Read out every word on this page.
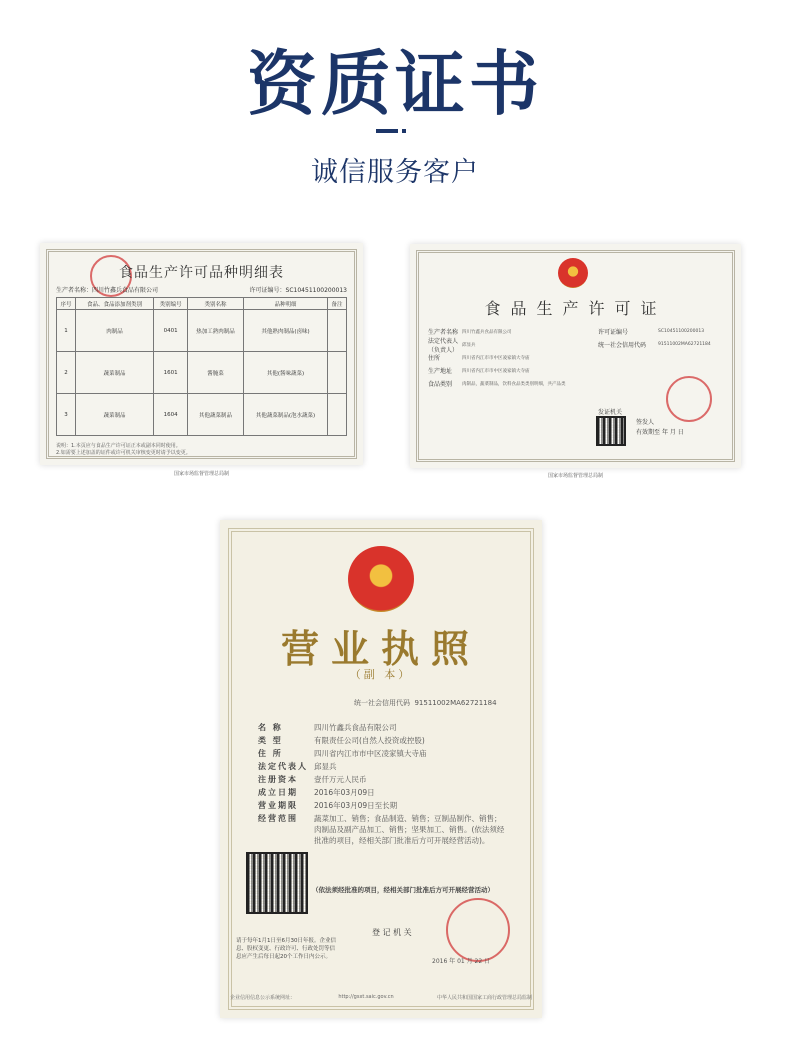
资质证书
诚信服务客户
食品生产许可品种明细表
生产者名称：四川竹鑫兵食品有限公司	许可证编号：SC10451100200013
序号	食品、食品添加剂类别	类别编号	类别名称	品种明细	备注
1	肉制品	0401	热加工熟肉制品	其他熟肉制品(卤味)	
2	蔬菜制品	1601	酱腌菜	其他(酱味蔬菜)	
3	蔬菜制品	1604	其他蔬菜制品	其他蔬菜制品(泡水蔬菜)	
说明：1.本页应与食品生产许可证正本或副本同时使用。
2.如需要上述加盖的证件或许可机关审核变更时请予以变更。
国家市场监督管理总局制
食品生产许可证
生产者名称 四川竹鑫兵食品有限公司	许可证编号	SC10451100200013
法定代表人（负责人）
邱显兵	统一社会信用代码	91511002MA62721184
住所	四川省内江市市中区凌家镇大寺庙
生产地址	四川省内江市市中区凌家镇大寺庙
食品类别	肉制品，蔬菜制品，饮料食品类类别明细，共产品类
发证机关
签发人
有效期至 年 月 日
国家市场监督管理总局制
营业执照
（副 本）
统一社会信用代码 91511002MA62721184
名 称	四川竹鑫兵食品有限公司
类 型	有限责任公司(自然人投资或控股)
住 所	四川省内江市市中区凌家镇大寺庙
法定代表人 邱显兵
注册资本	壹仟万元人民币
成立日期	2016年03月09日
营业期限	2016年03月09日至长期
经营范围	蔬菜加工、销售；食品制造、销售；豆制品制作、销售；肉制品及副产品加工、销售；坚果加工、销售。(依法须经批准的项目，经相关部门批准后方可开展经营活动)。
（依法须经批准的项目，经相关部门批准后方可开展经营活动）
登 记 机 关
2016 年 01 月 22 日
请于每年1月1日至6月30日年报。企业信息、股权变更、行政许可、行政处罚等信息应产生后每日起20个工作日内公示。
企业信用信息公示系统网址：	http://gsxt.saic.gov.cn	中华人民共和国国家工商行政管理总局监制
